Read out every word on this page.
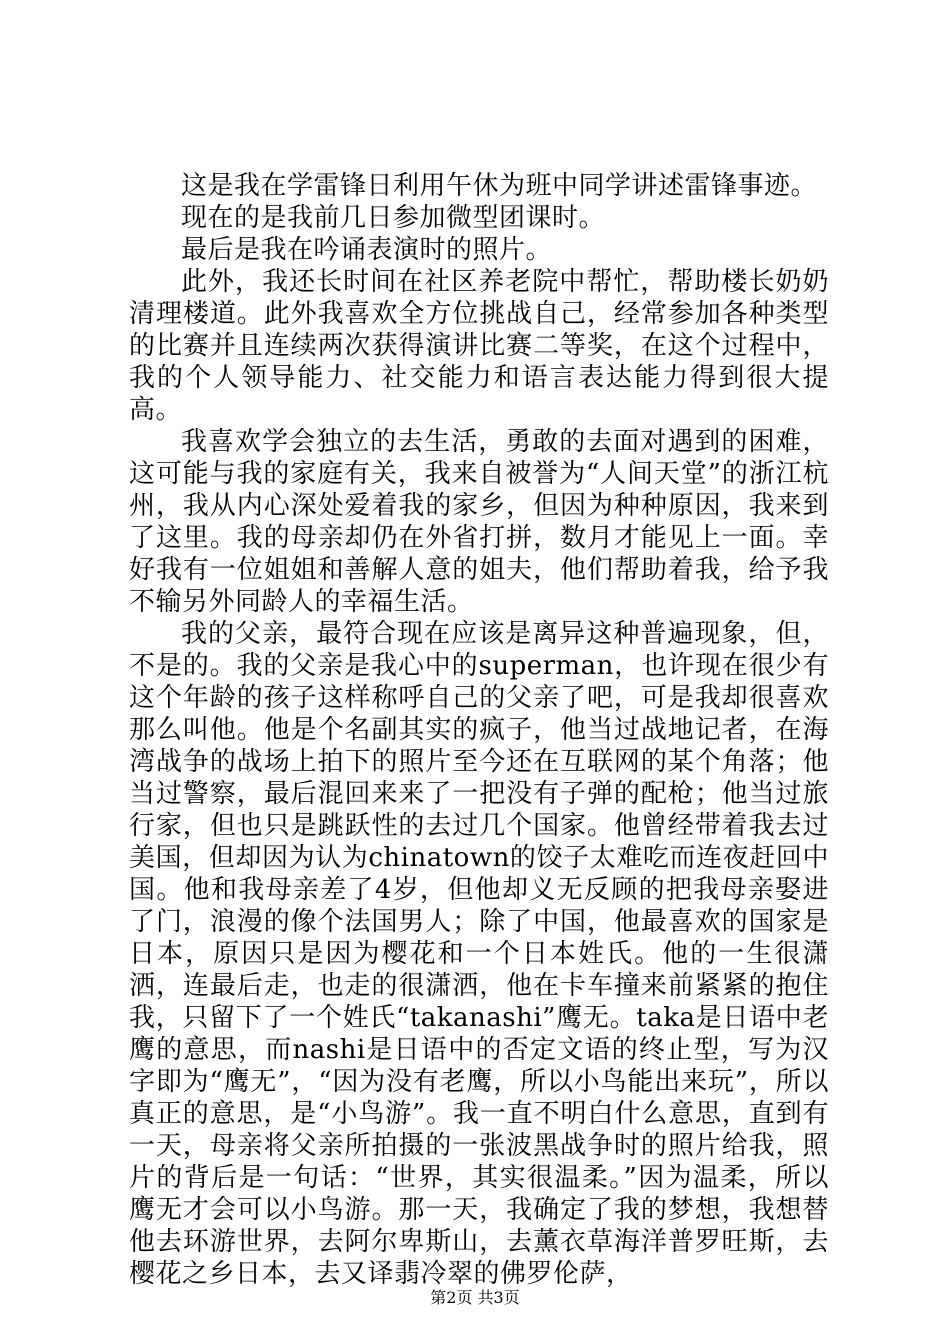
这是我在学雷锋日利用午休为班中同学讲述雷锋事迹。

现在的是我前几日参加微型团课时。

最后是我在吟诵表演时的照片。

此外，我还长时间在社区养老院中帮忙，帮助楼长奶奶清理楼道。此外我喜欢全方位挑战自己，经常参加各种类型的比赛并且连续两次获得演讲比赛二等奖，在这个过程中，我的个人领导能力、社交能力和语言表达能力得到很大提高。

我喜欢学会独立的去生活，勇敢的去面对遇到的困难，这可能与我的家庭有关，我来自被誉为“人间天堂”的浙江杭州，我从内心深处爱着我的家乡，但因为种种原因，我来到了这里。我的母亲却仍在外省打拼，数月才能见上一面。幸好我有一位姐姐和善解人意的姐夫，他们帮助着我，给予我不输另外同龄人的幸福生活。

我的父亲，最符合现在应该是离异这种普遍现象，但，不是的。我的父亲是我心中的superman，也许现在很少有这个年龄的孩子这样称呼自己的父亲了吧，可是我却很喜欢那么叫他。他是个名副其实的疯子，他当过战地记者，在海湾战争的战场上拍下的照片至今还在互联网的某个角落；他当过警察，最后混回来来了一把没有子弹的配枪；他当过旅行家，但也只是跳跃性的去过几个国家。他曾经带着我去过美国，但却因为认为chinatown的饺子太难吃而连夜赶回中国。他和我母亲差了4岁，但他却义无反顾的把我母亲娶进了门，浪漫的像个法国男人；除了中国，他最喜欢的国家是日本，原因只是因为樱花和一个日本姓氏。他的一生很潇洒，连最后走，也走的很潇洒，他在卡车撞来前紧紧的抱住我，只留下了一个姓氏“takanashi”鹰无。taka是日语中老鹰的意思，而nashi是日语中的否定文语的终止型，写为汉字即为“鹰无”，“因为没有老鹰，所以小鸟能出来玩”，所以真正的意思，是“小鸟游”。我一直不明白什么意思，直到有一天，母亲将父亲所拍摄的一张波黑战争时的照片给我，照片的背后是一句话：“世界，其实很温柔。”因为温柔，所以鹰无才会可以小鸟游。那一天，我确定了我的梦想，我想替他去环游世界，去阿尔卑斯山，去薰衣草海洋普罗旺斯，去樱花之乡日本，去又译翡冷翠的佛罗伦萨，

第2页 共3页
